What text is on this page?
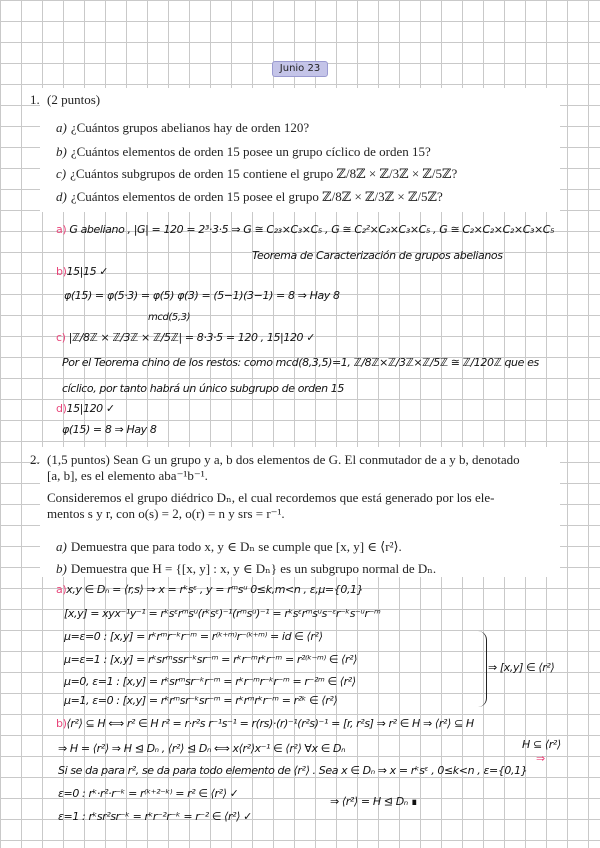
Junio 23
1. (2 puntos)
a) ¿Cuántos grupos abelianos hay de orden 120?
b) ¿Cuántos elementos de orden 15 posee un grupo cíclico de orden 15?
c) ¿Cuántos subgrupos de orden 15 contiene el grupo ℤ/8ℤ × ℤ/3ℤ × ℤ/5ℤ?
d) ¿Cuántos elementos de orden 15 posee el grupo ℤ/8ℤ × ℤ/3ℤ × ℤ/5ℤ?
a) G abeliano , |G| = 120 = 2³·3·5 ⇒ G ≅ C₂₃×C₃×C₅ , G ≅ C₂²×C₂×C₃×C₅ , G ≅ C₂×C₂×C₂×C₃×C₅
Teorema de Caracterización de grupos abelianos
b)15|15 ✓
φ(15) = φ(5·3) = φ(5) φ(3) = (5−1)(3−1) = 8 ⇒ Hay 8
mcd(5,3)
c) |ℤ/8ℤ × ℤ/3ℤ × ℤ/5ℤ| = 8·3·5 = 120 , 15|120 ✓
Por el Teorema chino de los restos: como mcd(8,3,5)=1, ℤ/8ℤ×ℤ/3ℤ×ℤ/5ℤ ≅ ℤ/120ℤ que es
cíclico, por tanto habrá un único subgrupo de orden 15
d)15|120 ✓
φ(15) = 8 ⇒ Hay 8
2. (1,5 puntos) Sean G un grupo y a, b dos elementos de G. El conmutador de a y b, denotado
[a, b], es el elemento aba⁻¹b⁻¹.
Consideremos el grupo diédrico Dₙ, el cual recordemos que está generado por los ele-
mentos s y r, con o(s) = 2, o(r) = n y srs = r⁻¹.
a) Demuestra que para todo x, y ∈ Dₙ se cumple que [x, y] ∈ ⟨r²⟩.
b) Demuestra que H = {[x, y] : x, y ∈ Dₙ} es un subgrupo normal de Dₙ.
a)x,y ∈ Dₙ = ⟨r,s⟩ ⇒ x = rᵏsᵋ , y = rᵐsᵘ 0≤k,m<n , ε,μ={0,1}
[x,y] = xyx⁻¹y⁻¹ = rᵏsᵋrᵐsᵘ(rᵏsᵋ)⁻¹(rᵐsᵘ)⁻¹ = rᵏsᵋrᵐsᵘs⁻ᵋr⁻ᵏs⁻ᵘr⁻ᵐ
μ=ε=0 : [x,y] = rᵏrᵐr⁻ᵏr⁻ᵐ = r⁽ᵏ⁺ᵐ⁾r⁻⁽ᵏ⁺ᵐ⁾ = id ∈ ⟨r²⟩
μ=ε=1 : [x,y] = rᵏsrᵐssr⁻ᵏsr⁻ᵐ = rᵏr⁻ᵐrᵏr⁻ᵐ = r²⁽ᵏ⁻ᵐ⁾ ∈ ⟨r²⟩
μ=0, ε=1 : [x,y] = rᵏsrᵐsr⁻ᵏr⁻ᵐ = rᵏr⁻ᵐr⁻ᵏr⁻ᵐ = r⁻²ᵐ ∈ ⟨r²⟩
μ=1, ε=0 : [x,y] = rᵏrᵐsr⁻ᵏsr⁻ᵐ = rᵏrᵐrᵏr⁻ᵐ = r²ᵏ ∈ ⟨r²⟩
⇒ [x,y] ∈ ⟨r²⟩
b)⟨r²⟩ ⊆ H ⟺ r² ∈ H r² = r·r²s r⁻¹s⁻¹ = r(rs)·(r)⁻¹(r²s)⁻¹ = [r, r²s] ⇒ r² ∈ H ⇒ ⟨r²⟩ ⊆ H
H ⊆ ⟨r²⟩
⇒
⇒ H = ⟨r²⟩ ⇒ H ⊴ Dₙ , ⟨r²⟩ ⊴ Dₙ ⟺ x⟨r²⟩x⁻¹ ∈ ⟨r²⟩ ∀x ∈ Dₙ
Si se da para r², se da para todo elemento de ⟨r²⟩ . Sea x ∈ Dₙ ⇒ x = rᵏsᵋ , 0≤k<n , ε={0,1}
ε=0 : rᵏ·r²·r⁻ᵏ = r⁽ᵏ⁺²⁻ᵏ⁾ = r² ∈ ⟨r²⟩ ✓
⇒ ⟨r²⟩ = H ⊴ Dₙ ∎
ε=1 : rᵏsr²sr⁻ᵏ = rᵏr⁻²r⁻ᵏ = r⁻² ∈ ⟨r²⟩ ✓
